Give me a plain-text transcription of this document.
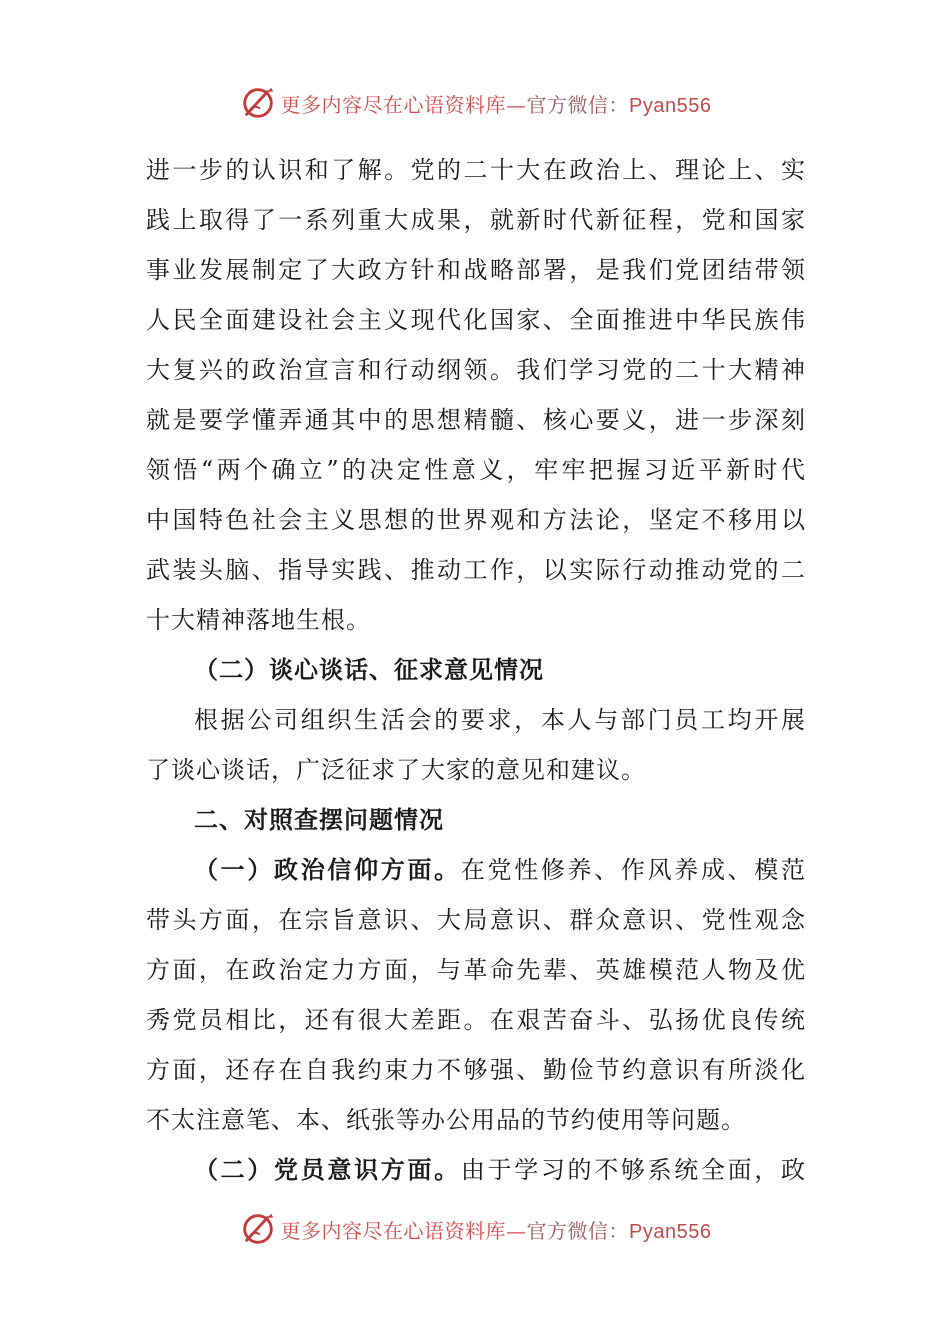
更多内容尽在心语资料库—官方微信：Pyan556
进一步的认识和了解。党的二十大在政治上、理论上、实
践上取得了一系列重大成果，就新时代新征程，党和国家
事业发展制定了大政方针和战略部署，是我们党团结带领
人民全面建设社会主义现代化国家、全面推进中华民族伟
大复兴的政治宣言和行动纲领。我们学习党的二十大精神
就是要学懂弄通其中的思想精髓、核心要义，进一步深刻
领悟“两个确立”的决定性意义，牢牢把握习近平新时代
中国特色社会主义思想的世界观和方法论，坚定不移用以
武装头脑、指导实践、推动工作，以实际行动推动党的二
十大精神落地生根。
（二）谈心谈话、征求意见情况
根据公司组织生活会的要求，本人与部门员工均开展
了谈心谈话，广泛征求了大家的意见和建议。
二、对照查摆问题情况
（一）政治信仰方面。在党性修养、作风养成、模范
带头方面，在宗旨意识、大局意识、群众意识、党性观念
方面，在政治定力方面，与革命先辈、英雄模范人物及优
秀党员相比，还有很大差距。在艰苦奋斗、弘扬优良传统
方面，还存在自我约束力不够强、勤俭节约意识有所淡化
不太注意笔、本、纸张等办公用品的节约使用等问题。
（二）党员意识方面。由于学习的不够系统全面，政
更多内容尽在心语资料库—官方微信：Pyan556
